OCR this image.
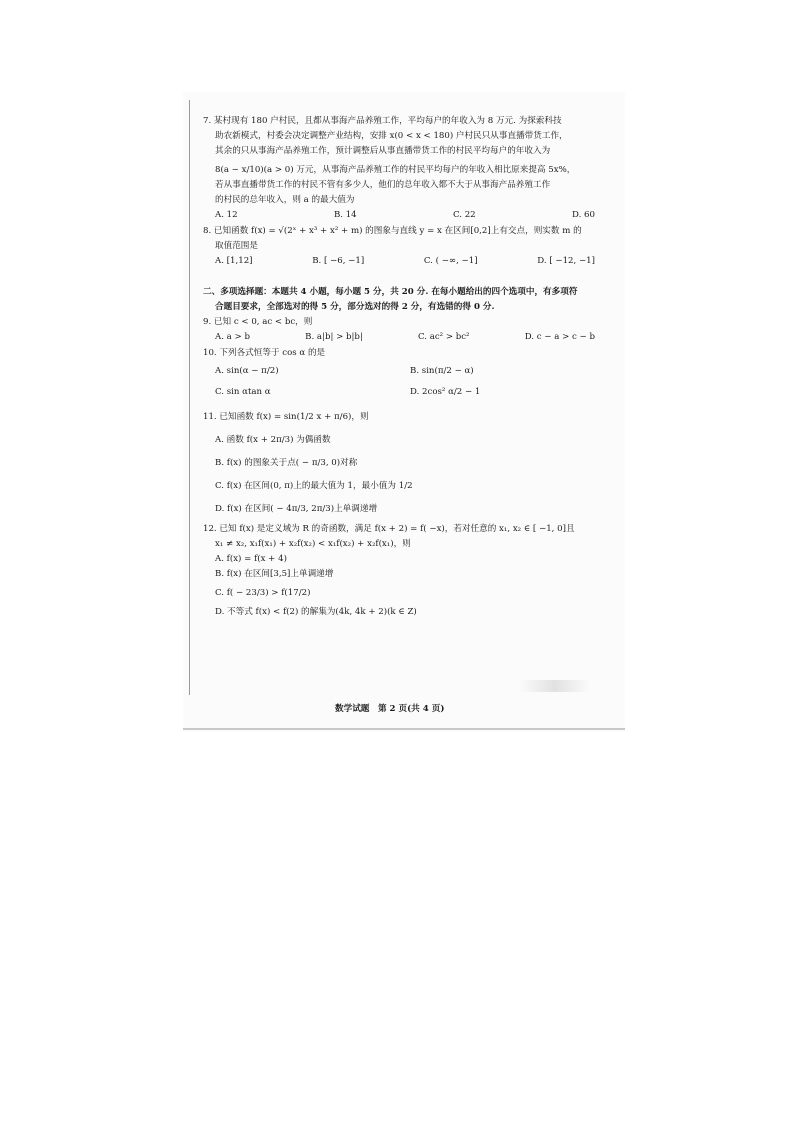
7. 某村现有 180 户村民，且都从事海产品养殖工作，平均每户的年收入为 8 万元. 为探索科技
助农新模式，村委会决定调整产业结构，安排 x(0 < x < 180) 户村民只从事直播带货工作，
其余的只从事海产品养殖工作，预计调整后从事直播带货工作的村民平均每户的年收入为
8(a − x/10)(a > 0) 万元，从事海产品养殖工作的村民平均每户的年收入相比原来提高 5x%，
若从事直播带货工作的村民不管有多少人，他们的总年收入都不大于从事海产品养殖工作
的村民的总年收入，则 a 的最大值为
A. 12	B. 14	C. 22	D. 60
8. 已知函数 f(x) = √(2ˣ + x³ + x² + m) 的图象与直线 y = x 在区间[0,2]上有交点，则实数 m 的
取值范围是
A. [1,12]	B. [ −6, −1]	C. ( −∞, −1]	D. [ −12, −1]
二、多项选择题：本题共 4 小题，每小题 5 分，共 20 分. 在每小题给出的四个选项中，有多项符
合题目要求，全部选对的得 5 分，部分选对的得 2 分，有选错的得 0 分.
9. 已知 c < 0, ac < bc，则
A. a > b	B. a|b| > b|b|	C. ac² > bc²	D. c − a > c − b
10. 下列各式恒等于 cos α 的是
A. sin(α − π/2)	B. sin(π/2 − α)
C. sin αtan α	D. 2cos² α/2 − 1
11. 已知函数 f(x) = sin(1/2 x + π/6)，则
A. 函数 f(x + 2π/3) 为偶函数
B. f(x) 的图象关于点( − π/3, 0)对称
C. f(x) 在区间(0, π)上的最大值为 1，最小值为 1/2
D. f(x) 在区间( − 4π/3, 2π/3)上单调递增
12. 已知 f(x) 是定义域为 R 的奇函数，满足 f(x + 2) = f( −x)，若对任意的 x₁, x₂ ∈ [ −1, 0]且
x₁ ≠ x₂, x₁f(x₁) + x₂f(x₂) < x₁f(x₂) + x₂f(x₁)，则
A. f(x) = f(x + 4)
B. f(x) 在区间[3,5]上单调递增
C. f( − 23/3) > f(17/2)
D. 不等式 f(x) < f(2) 的解集为(4k, 4k + 2)(k ∈ Z)
数学试题　第 2 页(共 4 页)
